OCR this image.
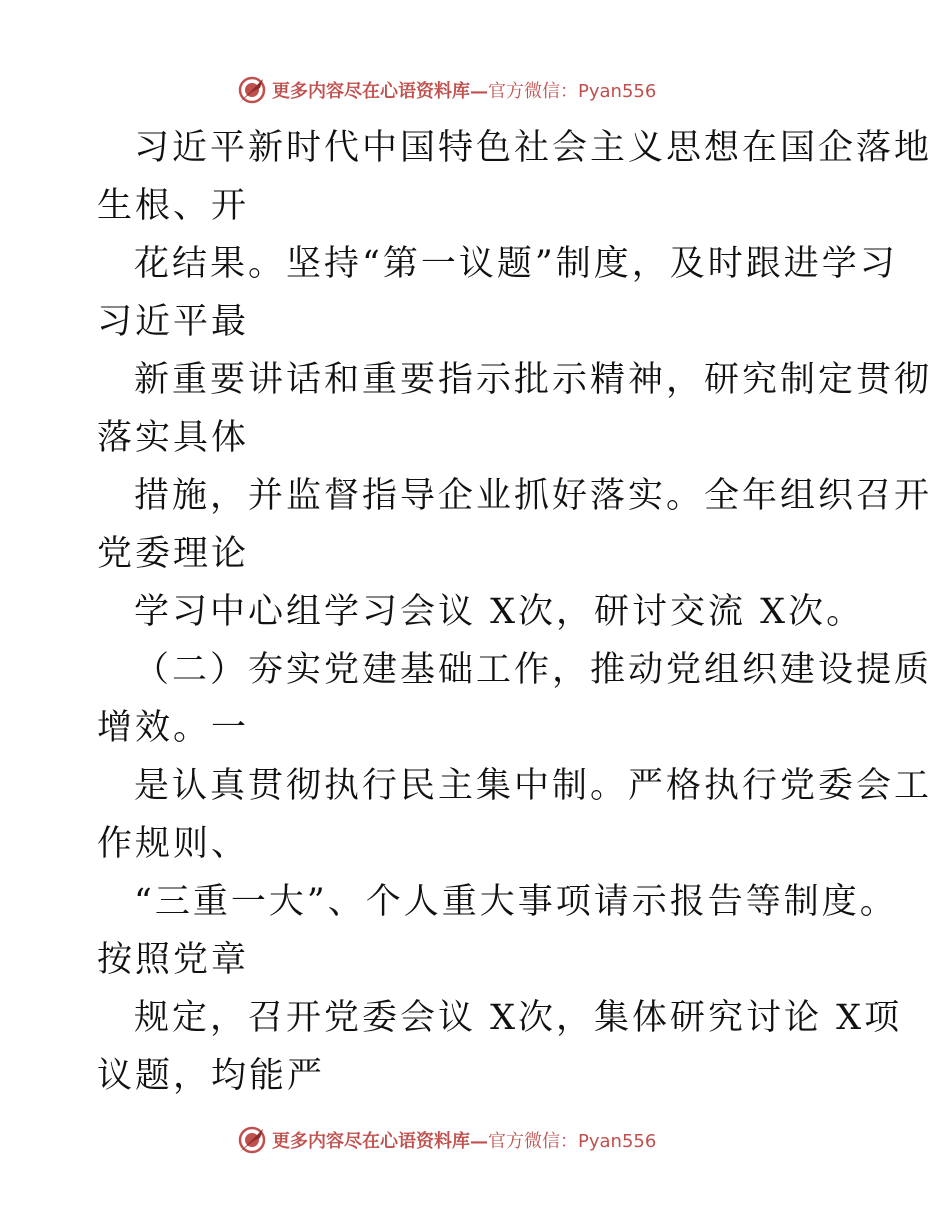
更多内容尽在心语资料库— 官方微信：Pyan556
习近平新时代中国特色社会主义思想在国企落地
生根、开
花结果。坚持“第一议题”制度，及时跟进学习
习近平最
新重要讲话和重要指示批示精神，研究制定贯彻
落实具体
措施，并监督指导企业抓好落实。全年组织召开
党委理论
学习中心组学习会议 X次，研讨交流 X次。
（二）夯实党建基础工作，推动党组织建设提质
增效。一
是认真贯彻执行民主集中制。严格执行党委会工
作规则、
“三重一大”、个人重大事项请示报告等制度。
按照党章
规定，召开党委会议 X次，集体研究讨论 X项
议题，均能严
更多内容尽在心语资料库— 官方微信：Pyan556
